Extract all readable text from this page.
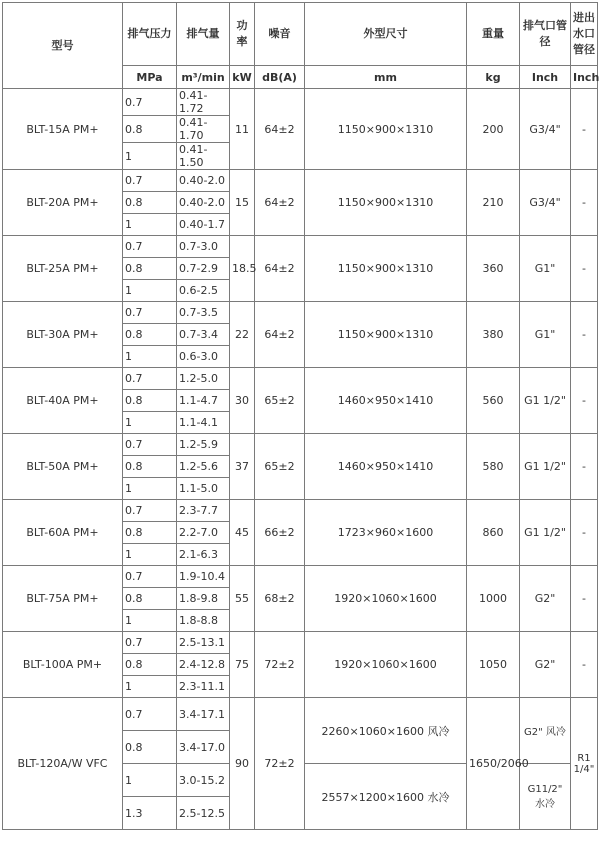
型号	排气压力	排气量	功率	噪音	外型尺寸	重量	排气口管径	进出水口管径
	MPa	m³/min	kW	dB(A)	mm	kg	Inch	Inch
BLT-15A PM+	0.7	0.41-1.72	11	64±2	1150×900×1310	200	G3/4"	-
	0.8	0.41-1.70						
	1	0.41-1.50						
BLT-20A PM+	0.7	0.40-2.0	15	64±2	1150×900×1310	210	G3/4"	-
	0.8	0.40-2.0						
	1	0.40-1.7						
BLT-25A PM+	0.7	0.7-3.0	18.5	64±2	1150×900×1310	360	G1"	-
	0.8	0.7-2.9						
	1	0.6-2.5						
BLT-30A PM+	0.7	0.7-3.5	22	64±2	1150×900×1310	380	G1"	-
	0.8	0.7-3.4						
	1	0.6-3.0						
BLT-40A PM+	0.7	1.2-5.0	30	65±2	1460×950×1410	560	G1 1/2"	-
	0.8	1.1-4.7						
	1	1.1-4.1						
BLT-50A PM+	0.7	1.2-5.9	37	65±2	1460×950×1410	580	G1 1/2"	-
	0.8	1.2-5.6						
	1	1.1-5.0						
BLT-60A PM+	0.7	2.3-7.7	45	66±2	1723×960×1600	860	G1 1/2"	-
	0.8	2.2-7.0						
	1	2.1-6.3						
BLT-75A PM+	0.7	1.9-10.4	55	68±2	1920×1060×1600	1000	G2"	-
	0.8	1.8-9.8						
	1	1.8-8.8						
BLT-100A PM+	0.7	2.5-13.1	75	72±2	1920×1060×1600	1050	G2"	-
	0.8	2.4-12.8						
	1	2.3-11.1						
BLT-120A/W VFC	0.7	3.4-17.1	90	72±2	2260×1060×1600 风冷	1650/2060	G2" 风冷	R1 1/4"
	0.8	3.4-17.0						
	1	3.0-15.2			2557×1200×1600 水冷		G11/2" 水冷	
	1.3	2.5-12.5						
